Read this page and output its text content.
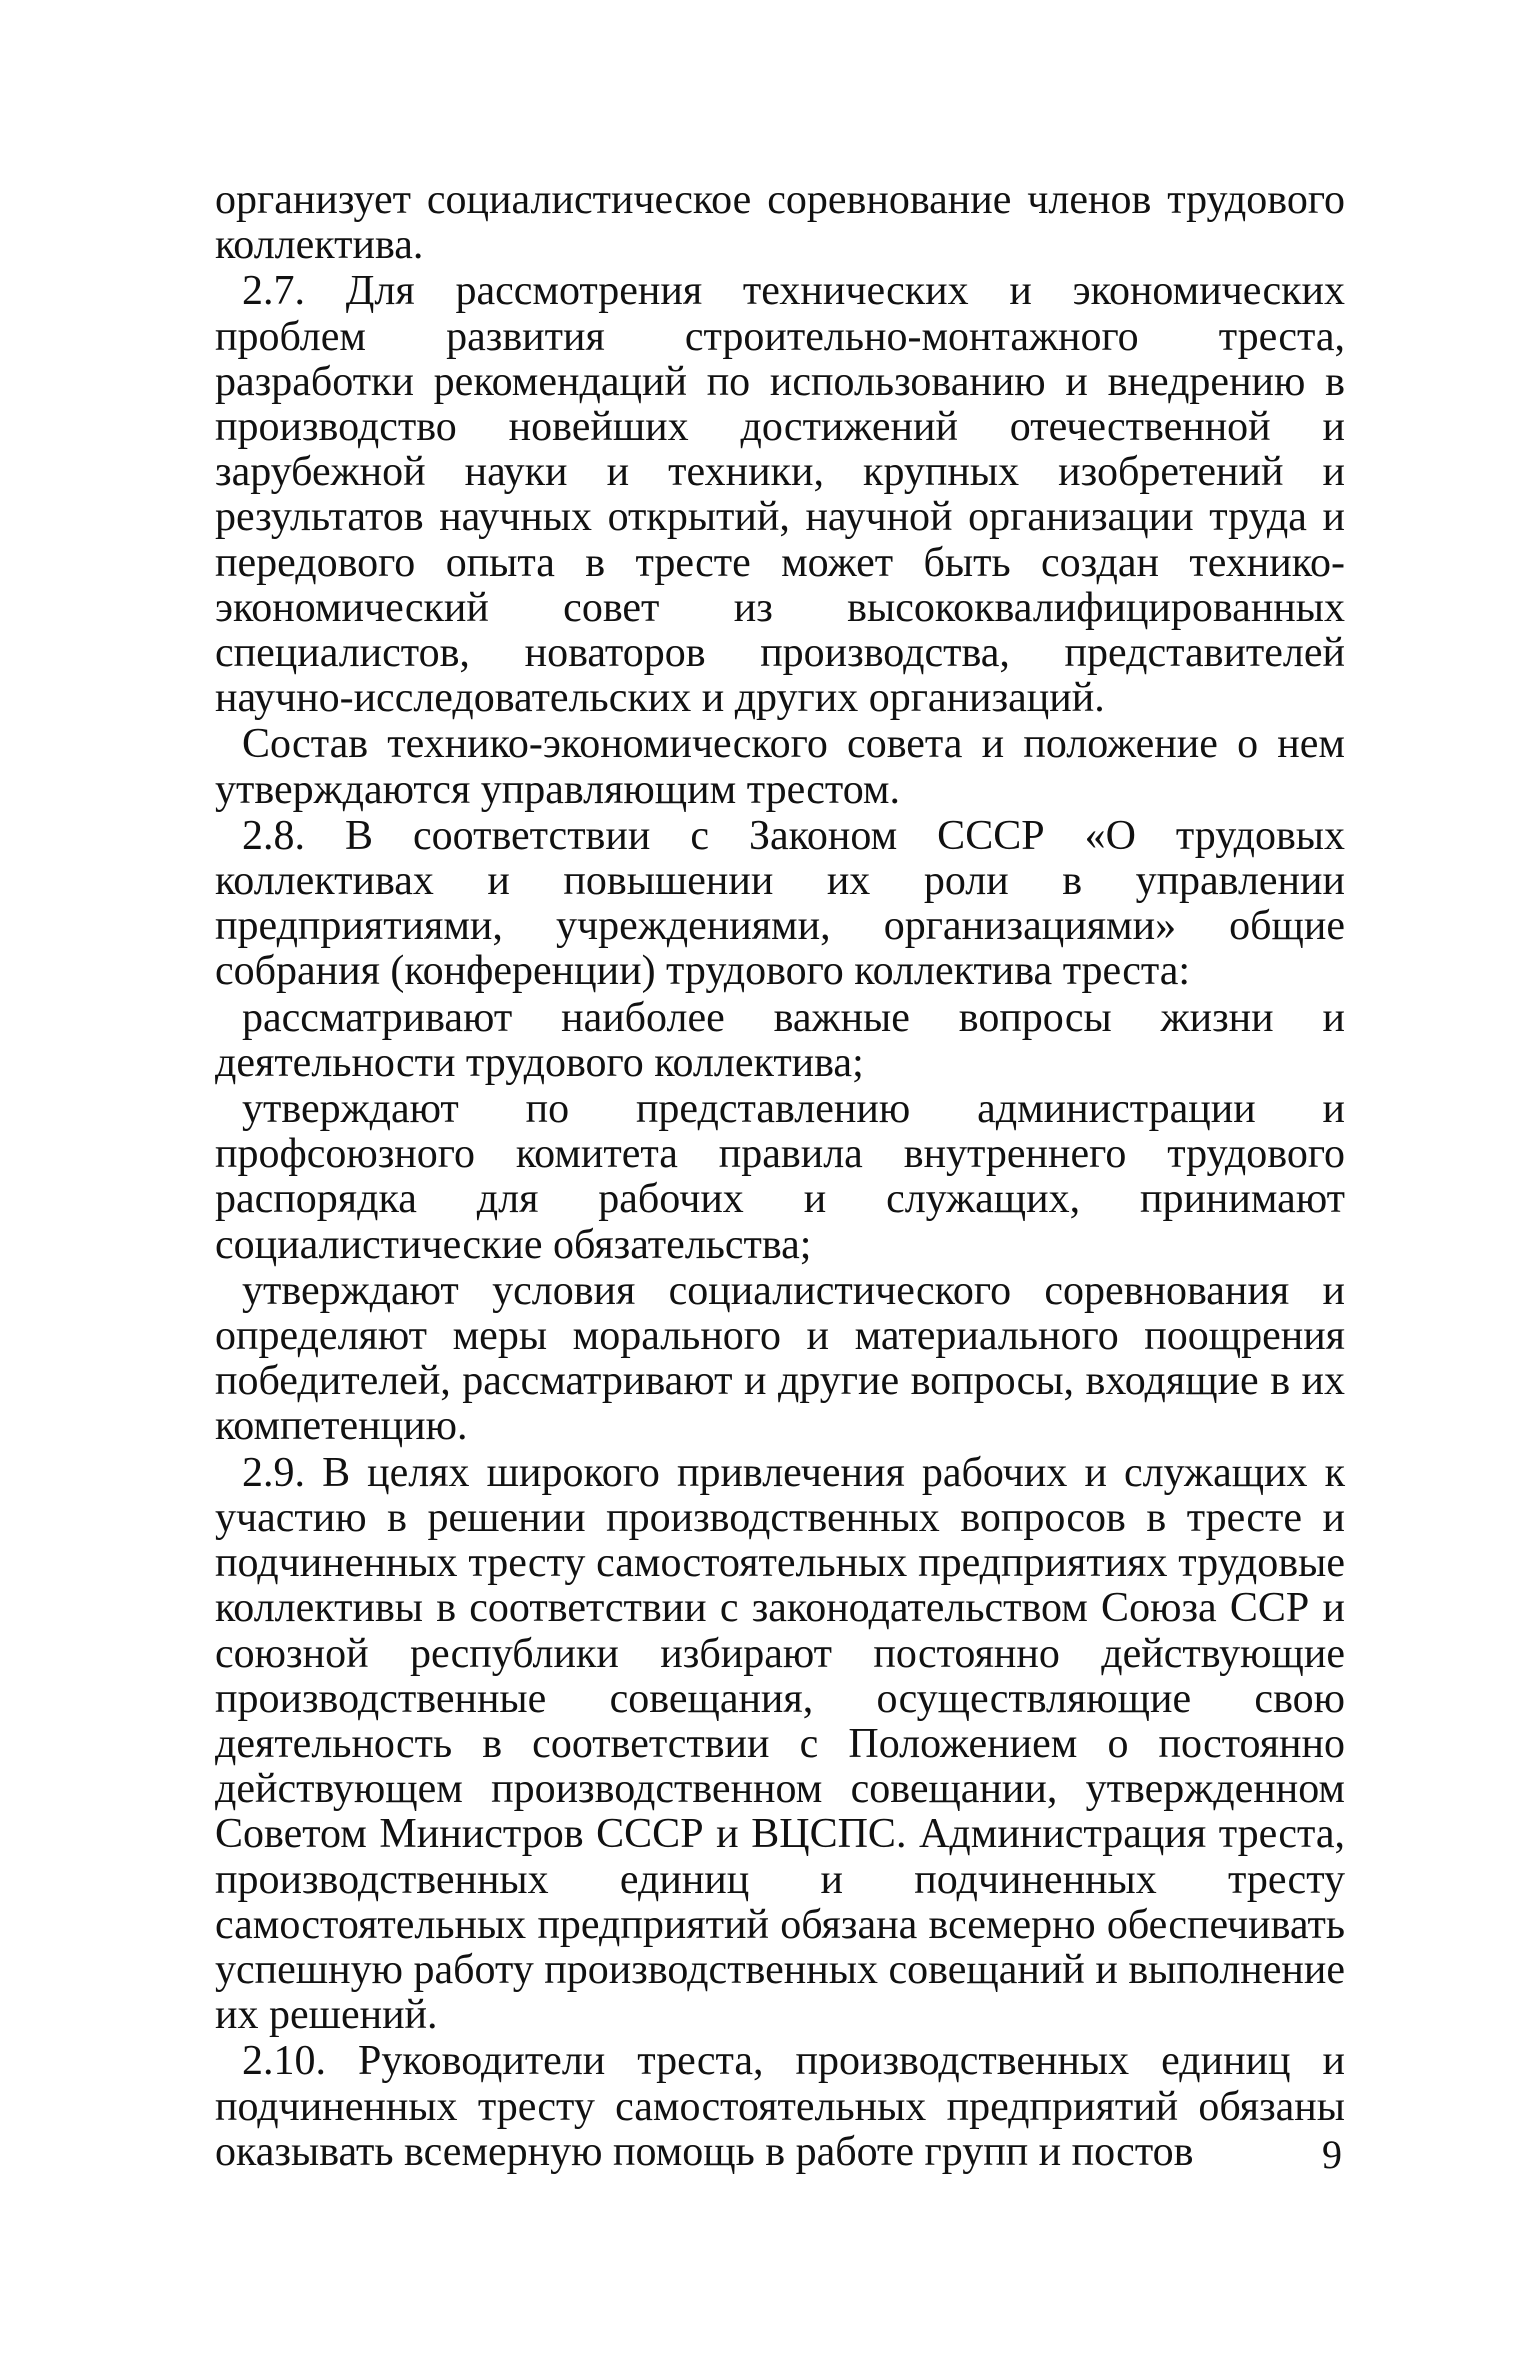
организует социалистическое соревнование членов трудового коллектива.

2.7. Для рассмотрения технических и экономических проблем развития строительно-монтажного треста, разработки рекомендаций по использованию и внедрению в производство новейших достижений отечественной и зарубежной науки и техники, крупных изобретений и результатов научных открытий, научной организации труда и передового опыта в тресте может быть создан технико-экономический совет из высококвалифицированных специалистов, новаторов производства, представителей научно-исследовательских и других организаций.

Состав технико-экономического совета и положение о нем утверждаются управляющим трестом.

2.8. В соответствии с Законом СССР «О трудовых коллективах и повышении их роли в управлении предприятиями, учреждениями, организациями» общие собрания (конференции) трудового коллектива треста:

рассматривают наиболее важные вопросы жизни и деятельности трудового коллектива;

утверждают по представлению администрации и профсоюзного комитета правила внутреннего трудового распорядка для рабочих и служащих, принимают социалистические обязательства;

утверждают условия социалистического соревнования и определяют меры морального и материального поощрения победителей, рассматривают и другие вопросы, входящие в их компетенцию.

2.9. В целях широкого привлечения рабочих и служащих к участию в решении производственных вопросов в тресте и подчиненных тресту самостоятельных предприятиях трудовые коллективы в соответствии с законодательством Союза ССР и союзной республики избирают постоянно действующие производственные совещания, осуществляющие свою деятельность в соответствии с Положением о постоянно действующем производственном совещании, утвержденном Советом Министров СССР и ВЦСПС. Администрация треста, производственных единиц и подчиненных тресту самостоятельных предприятий обязана всемерно обеспечивать успешную работу производственных совещаний и выполнение их решений.

2.10. Руководители треста, производственных единиц и подчиненных тресту самостоятельных предприятий обязаны оказывать всемерную помощь в работе групп и постов	9
